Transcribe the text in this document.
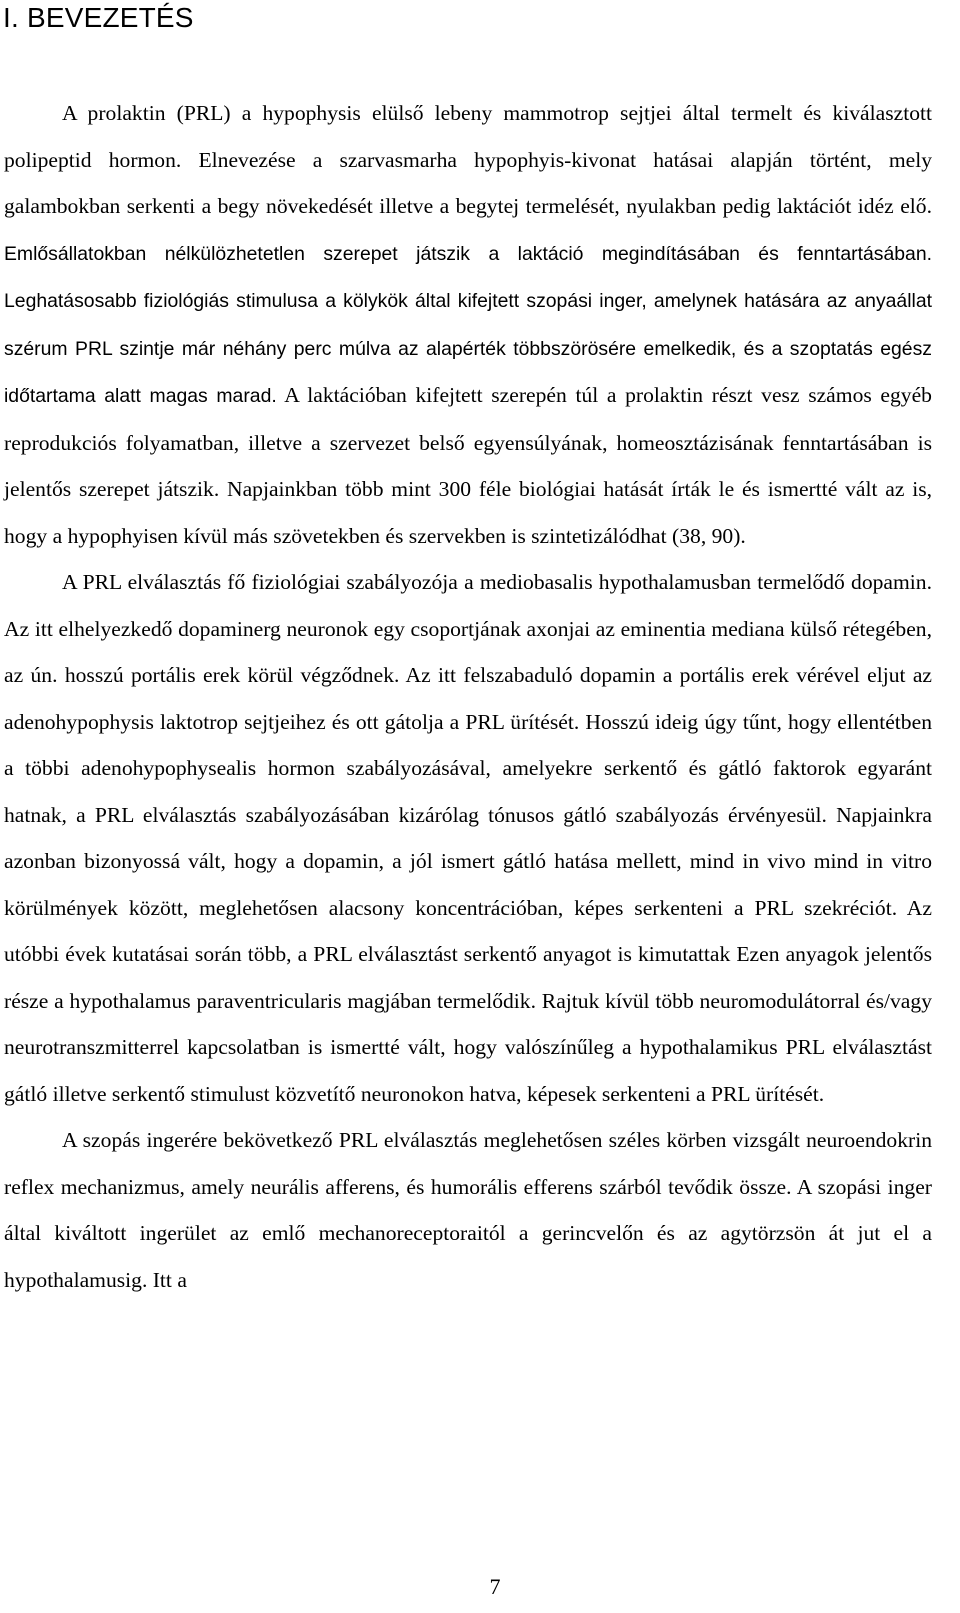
I. BEVEZETÉS

A prolaktin (PRL) a hypophysis elülső lebeny mammotrop sejtjei által termelt és kiválasztott polipeptid hormon. Elnevezése a szarvasmarha hypophyis-kivonat hatásai alapján történt, mely galambokban serkenti a begy növekedését illetve a begytej termelését, nyulakban pedig laktációt idéz elő. Emlősállatokban nélkülözhetetlen szerepet játszik a laktáció megindításában és fenntartásában. Leghatásosabb fiziológiás stimulusa a kölykök által kifejtett szopási inger, amelynek hatására az anyaállat szérum PRL szintje már néhány perc múlva az alapérték többszörösére emelkedik, és a szoptatás egész időtartama alatt magas marad. A laktációban kifejtett szerepén túl a prolaktin részt vesz számos egyéb reprodukciós folyamatban, illetve a szervezet belső egyensúlyának, homeosztázisának fenntartásában is jelentős szerepet játszik. Napjainkban több mint 300 féle biológiai hatását írták le és ismertté vált az is, hogy a hypophyisen kívül más szövetekben és szervekben is szintetizálódhat (38, 90).

A PRL elválasztás fő fiziológiai szabályozója a mediobasalis hypothalamusban termelődő dopamin. Az itt elhelyezkedő dopaminerg neuronok egy csoportjának axonjai az eminentia mediana külső rétegében, az ún. hosszú portális erek körül végződnek. Az itt felszabaduló dopamin a portális erek vérével eljut az adenohypophysis laktotrop sejtjeihez és ott gátolja a PRL ürítését. Hosszú ideig úgy tűnt, hogy ellentétben a többi adenohypophysealis hormon szabályozásával, amelyekre serkentő és gátló faktorok egyaránt hatnak, a PRL elválasztás szabályozásában kizárólag tónusos gátló szabályozás érvényesül. Napjainkra azonban bizonyossá vált, hogy a dopamin, a jól ismert gátló hatása mellett, mind in vivo mind in vitro körülmények között, meglehetősen alacsony koncentrációban, képes serkenteni a PRL szekréciót. Az utóbbi évek kutatásai során több, a PRL elválasztást serkentő anyagot is kimutattak Ezen anyagok jelentős része a hypothalamus paraventricularis magjában termelődik. Rajtuk kívül több neuromodulátorral és/vagy neurotranszmitterrel kapcsolatban is ismertté vált, hogy valószínűleg a hypothalamikus PRL elválasztást gátló illetve serkentő stimulust közvetítő neuronokon hatva, képesek serkenteni a PRL ürítését.

A szopás ingerére bekövetkező PRL elválasztás meglehetősen széles körben vizsgált neuroendokrin reflex mechanizmus, amely neurális afferens, és humorális efferens szárból tevődik össze. A szopási inger által kiváltott ingerület az emlő mechanoreceptoraitól a gerincvelőn és az agytörzsön át jut el a hypothalamusig. Itt a

7
